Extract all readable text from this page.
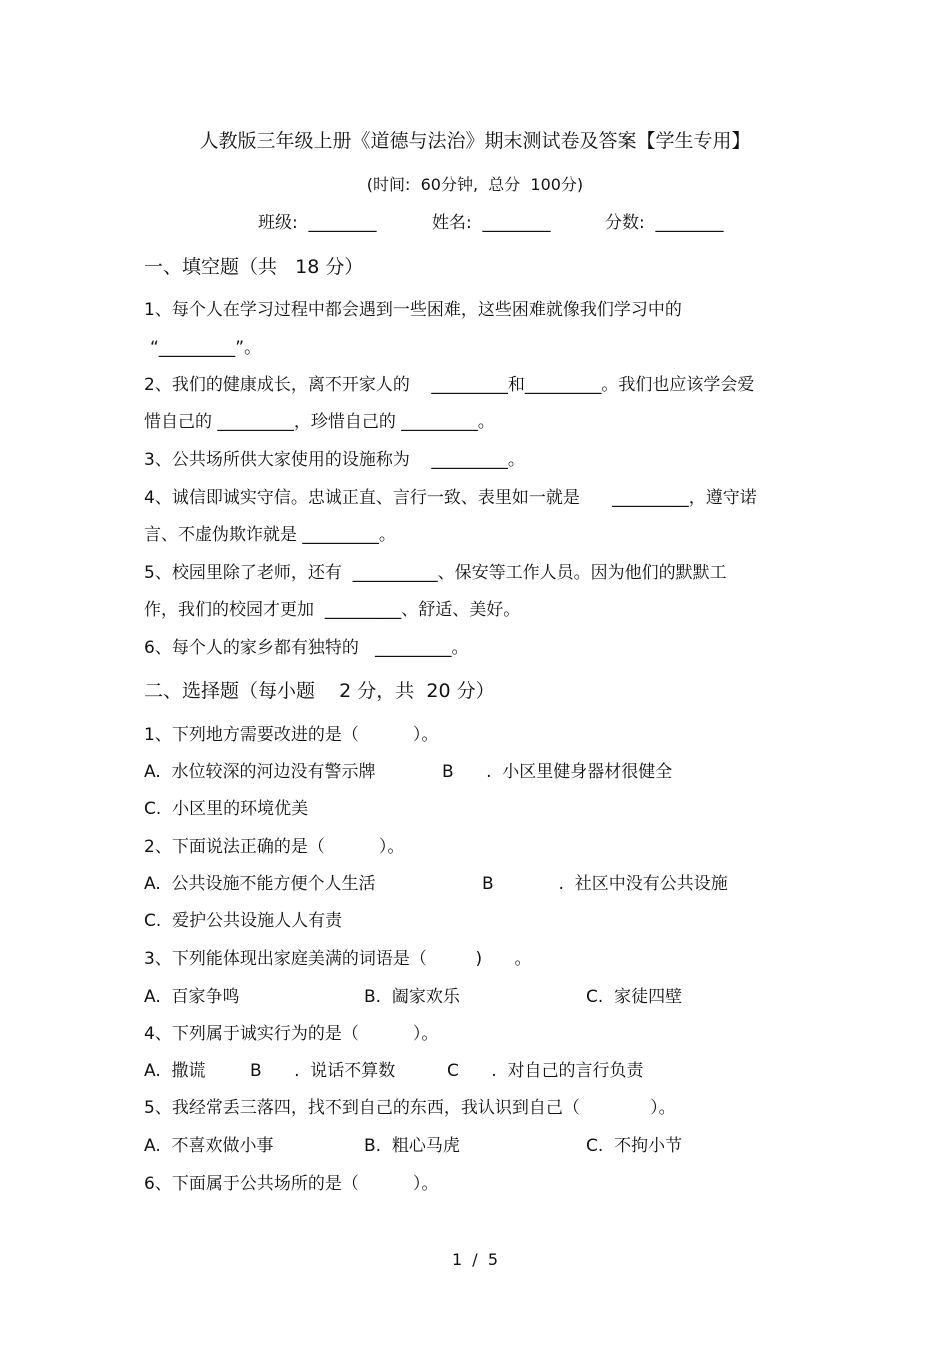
人教版三年级上册《道德与法治》期末测试卷及答案【学生专用】
(时间:  60分钟,  总分  100分)
班级:  ________	姓名:  ________	分数:  ________
一、填空题（共   18 分）
1、每个人在学习过程中都会遇到一些困难，这些困难就像我们学习中的
“_________”。
2、我们的健康成长，离不开家人的    _________和_________。我们也应该学会爱
惜自己的 _________，珍惜自己的 _________。
3、公共场所供大家使用的设施称为    _________。
4、诚信即诚实守信。忠诚正直、言行一致、表里如一就是      _________，遵守诺
言、不虚伪欺诈就是 _________。
5、校园里除了老师，还有  __________、保安等工作人员。因为他们的默默工
作，我们的校园才更加  _________、舒适、美好。
6、每个人的家乡都有独特的   _________。
二、选择题（每小题    2 分，共  20 分）
1、下列地方需要改进的是（          ）。
A.  水位较深的河边没有警示牌	B      .  小区里健身器材很健全
C.  小区里的环境优美
2、下面说法正确的是（          ）。
A.  公共设施不能方便个人生活	B            .  社区中没有公共设施
C.  爱护公共设施人人有责
3、下列能体现出家庭美满的词语是（         )      。
A.  百家争鸣	B.  阖家欢乐	C.  家徒四壁
4、下列属于诚实行为的是（          ）。
A.  撒谎	B      .  说话不算数	C      .  对自己的言行负责
5、我经常丢三落四，找不到自己的东西，我认识到自己（             ）。
A.  不喜欢做小事	B.  粗心马虎	C.  不拘小节
6、下面属于公共场所的是（          ）。
1  /  5
